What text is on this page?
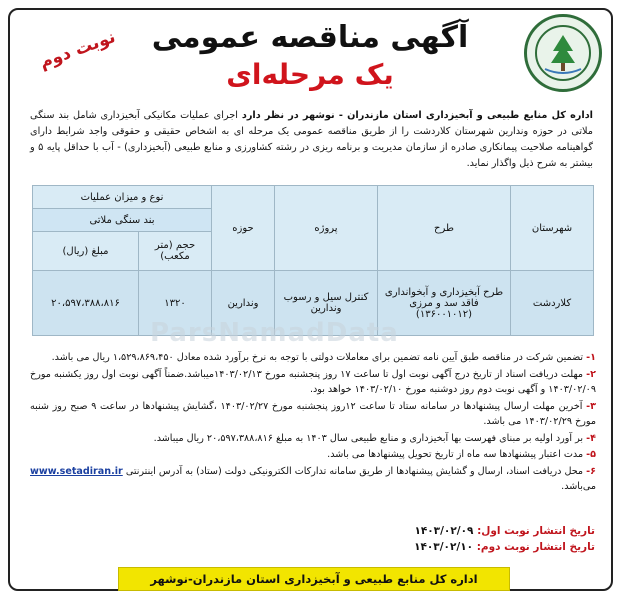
آگهی مناقصه عمومی
یک مرحله‌ای
نوبت دوم
اداره کل منابع طبیعی و آبخیزداری استان مازندران - نوشهر در نظر دارد اجرای عملیات مکانیکی آبخیزداری شامل بند سنگی ملاتی در حوزه وندارین شهرستان کلاردشت را از طریق مناقصه عمومی یک مرحله ای به اشخاص حقیقی و حقوقی واجد شرایط دارای گواهینامه صلاحیت پیمانکاری صادره از سازمان مدیریت و برنامه ریزی در رشته کشاورزی و منابع طبیعی (آبخیزداری) - آب با حداقل پایه ۵ و بیشتر به شرح ذیل واگذار نماید.
شهرستان	طرح	پروژه	حوزه	نوع و میزان عملیات	
				بند سنگی ملاتی	
				حجم (متر مکعب)	مبلغ (ریال)
کلاردشت	طرح آبخیزداری و آبخوانداری فاقد سد و مرزی (۱۳۶۰۰۱۰۱۲)	کنترل سیل و رسوب وندارین	وندارین	۱۳۲۰	۲۰،۵۹۷،۳۸۸،۸۱۶
ParsNamadData

۱- تضمین شرکت در مناقصه طبق آیین نامه تضمین برای معاملات دولتی با توجه به نرخ برآورد شده معادل ۱،۵۲۹،۸۶۹،۴۵۰ ریال می باشد.

۲- مهلت دریافت اسناد از تاریخ درج آگهی نوبت اول تا ساعت ۱۷ روز پنجشنبه مورخ ۱۴۰۳/۰۲/۱۳میباشد.ضمناً آگهی نوبت اول روز یکشنبه مورخ ۱۴۰۳/۰۲/۰۹ و آگهی نوبت دوم روز دوشنبه مورخ ۱۴۰۳/۰۲/۱۰ خواهد بود.

۳- آخرین مهلت ارسال پیشنهادها در سامانه ستاد تا ساعت ۱۲روز پنجشنبه مورخ ۱۴۰۳/۰۲/۲۷ ،گشایش پیشنهادها در ساعت ۹ صبح روز شنبه مورخ ۱۴۰۳/۰۲/۲۹ می باشد.

۴- بر آورد اولیه بر مبنای فهرست بها آبخیزداری و منابع طبیعی سال ۱۴۰۳ به مبلغ ۲۰،۵۹۷،۳۸۸،۸۱۶ ریال میباشد.

۵- مدت اعتبار پیشنهادها سه ماه از تاریخ تحویل پیشنهادها می باشد.

۶- محل دریافت اسناد، ارسال و گشایش پیشنهادها از طریق سامانه تدارکات الکترونیکی دولت (ستاد) به آدرس اینترنتی www.setadiran.ir می‌باشد.

تاریخ انتشار نوبت اول: ۱۴۰۳/۰۲/۰۹
تاریخ انتشار نوبت دوم: ۱۴۰۳/۰۲/۱۰
اداره کل منابع طبیعی و آبخیزداری استان مازندران-نوشهر
